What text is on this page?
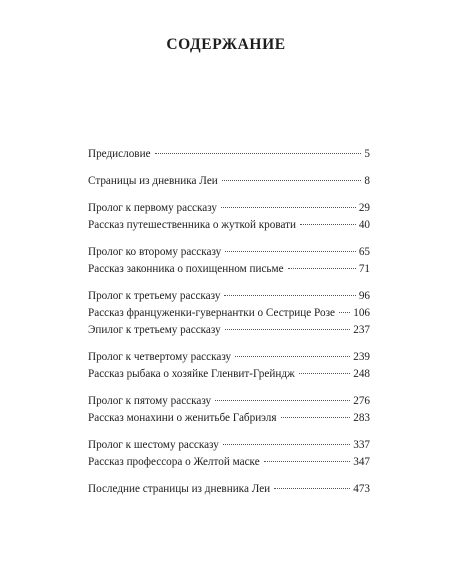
СОДЕРЖАНИЕ
Предисловие	5
Страницы из дневника Леи	8
Пролог к первому рассказу	29
Рассказ путешественника о жуткой кровати	40
Пролог ко второму рассказу	65
Рассказ законника о похищенном письме	71
Пролог к третьему рассказу	96
Рассказ француженки-гувернантки о Сестрице Розе 106
Эпилог к третьему рассказу	237
Пролог к четвертому рассказу	239
Рассказ рыбака о хозяйке Гленвит-Грейндж	248
Пролог к пятому рассказу	276
Рассказ монахини о женитьбе Габриэля	283
Пролог к шестому рассказу	337
Рассказ профессора о Желтой маске	347
Последние страницы из дневника Леи	473
